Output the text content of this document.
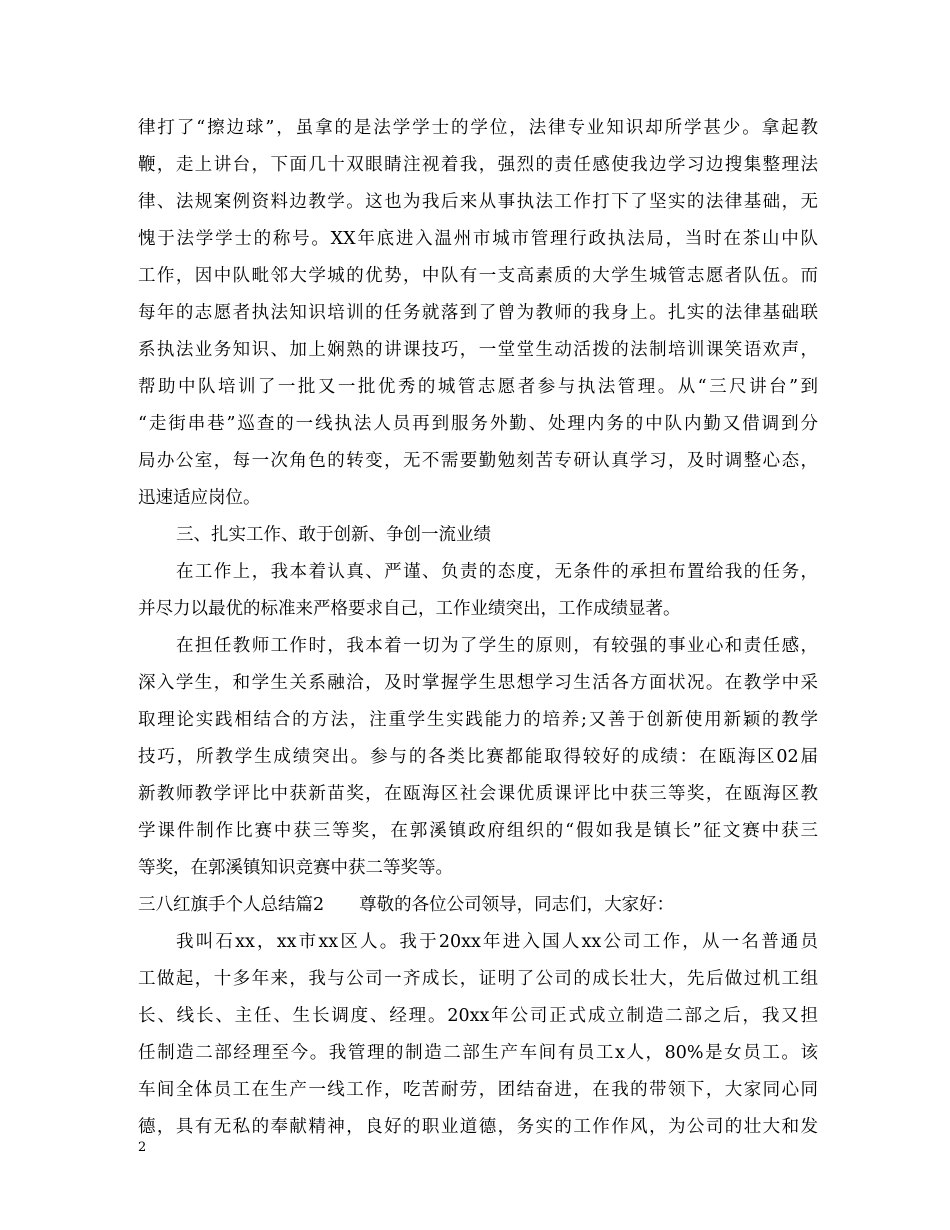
律打了“擦边球”，虽拿的是法学学士的学位，法律专业知识却所学甚少。拿起教
鞭，走上讲台，下面几十双眼睛注视着我，强烈的责任感使我边学习边搜集整理法
律、法规案例资料边教学。这也为我后来从事执法工作打下了坚实的法律基础，无
愧于法学学士的称号。XX年底进入温州市城市管理行政执法局，当时在茶山中队
工作，因中队毗邻大学城的优势，中队有一支高素质的大学生城管志愿者队伍。而
每年的志愿者执法知识培训的任务就落到了曾为教师的我身上。扎实的法律基础联
系执法业务知识、加上娴熟的讲课技巧，一堂堂生动活拨的法制培训课笑语欢声，
帮助中队培训了一批又一批优秀的城管志愿者参与执法管理。从“三尺讲台”到
“走街串巷”巡查的一线执法人员再到服务外勤、处理内务的中队内勤又借调到分
局办公室，每一次角色的转变，无不需要勤勉刻苦专研认真学习，及时调整心态，
迅速适应岗位。
三、扎实工作、敢于创新、争创一流业绩
在工作上，我本着认真、严谨、负责的态度，无条件的承担布置给我的任务，
并尽力以最优的标准来严格要求自己，工作业绩突出，工作成绩显著。
在担任教师工作时，我本着一切为了学生的原则，有较强的事业心和责任感，
深入学生，和学生关系融洽，及时掌握学生思想学习生活各方面状况。在教学中采
取理论实践相结合的方法，注重学生实践能力的培养;又善于创新使用新颖的教学
技巧，所教学生成绩突出。参与的各类比赛都能取得较好的成绩：在瓯海区02届
新教师教学评比中获新苗奖，在瓯海区社会课优质课评比中获三等奖，在瓯海区教
学课件制作比赛中获三等奖，在郭溪镇政府组织的“假如我是镇长”征文赛中获三
等奖，在郭溪镇知识竞赛中获二等奖等。
三八红旗手个人总结篇2　　尊敬的各位公司领导，同志们，大家好：
我叫石xx，xx市xx区人。我于20xx年进入国人xx公司工作，从一名普通员
工做起，十多年来，我与公司一齐成长，证明了公司的成长壮大，先后做过机工组
长、线长、主任、生长调度、经理。20xx年公司正式成立制造二部之后，我又担
任制造二部经理至今。我管理的制造二部生产车间有员工x人，80%是女员工。该
车间全体员工在生产一线工作，吃苦耐劳，团结奋进，在我的带领下，大家同心同
德，具有无私的奉献精神，良好的职业道德，务实的工作作风，为公司的壮大和发
2
